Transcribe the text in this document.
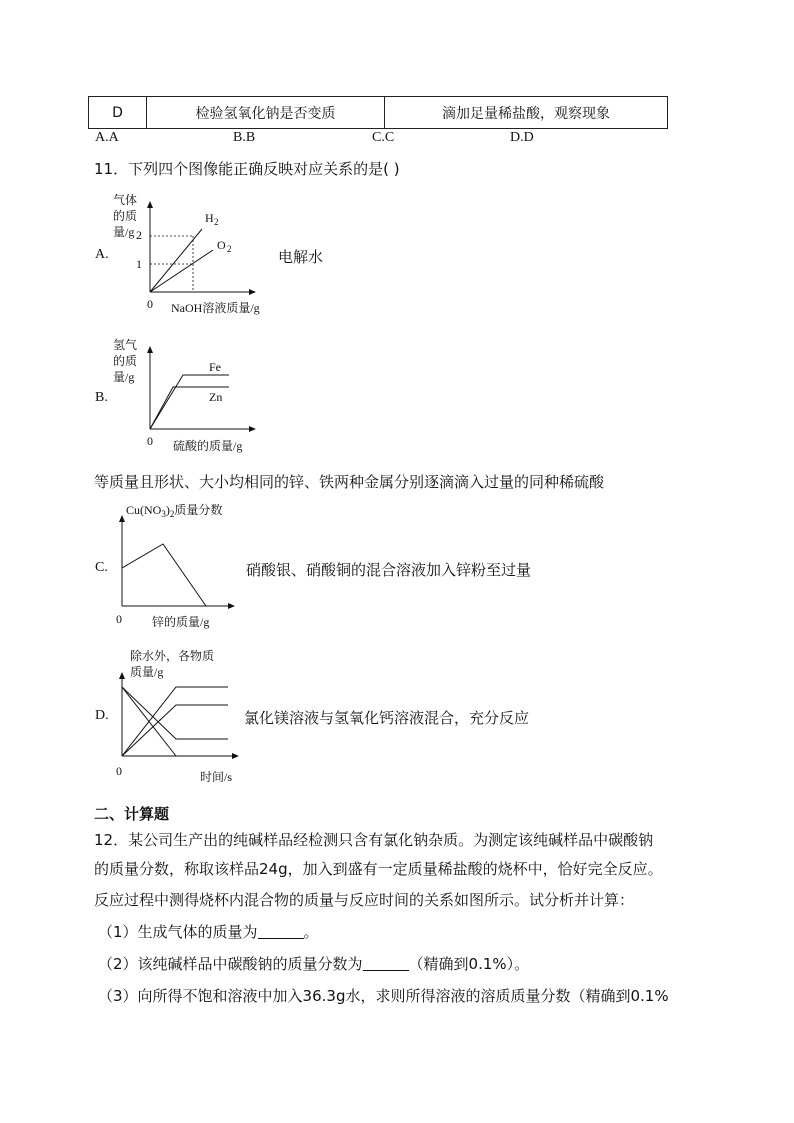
D	检验氢氧化钠是否变质	滴加足量稀盐酸，观察现象
A.A	B.B	C.C	D.D
11．下列四个图像能正确反映对应关系的是( )
A.
气体
的质
量/g 2
1
H 2
O 2
0 NaOH溶液质量/g
电解水
B.
氢气
的质
量/g
Fe
Zn
0 硫酸的质量/g
等质量且形状、大小均相同的锌、铁两种金属分别逐滴滴入过量的同种稀硫酸
C.
$Cu(NO_3)_2$质量分数
0	锌的质量/g
硝酸银、硝酸铜的混合溶液加入锌粉至过量
D.
除水外，各物质
质量/g
0	时间/s
氯化镁溶液与氢氧化钙溶液混合，充分反应
二、计算题
12．某公司生产出的纯碱样品经检测只含有氯化钠杂质。为测定该纯碱样品中碳酸钠
的质量分数，称取该样品24g，加入到盛有一定质量稀盐酸的烧杯中，恰好完全反应。
反应过程中测得烧杯内混合物的质量与反应时间的关系如图所示。试分析并计算：
（1）生成气体的质量为	。
（2）该纯碱样品中碳酸钠的质量分数为	（精确到0.1%）。
（3）向所得不饱和溶液中加入36.3g水，求则所得溶液的溶质质量分数（精确到0.1%
